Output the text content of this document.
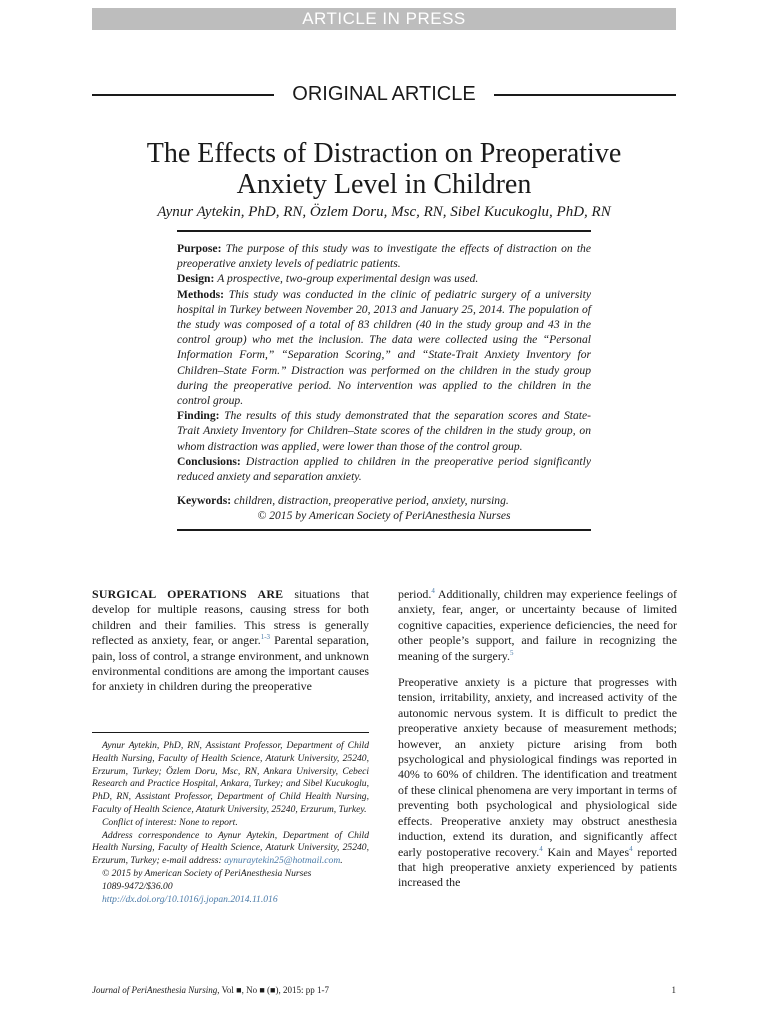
ARTICLE IN PRESS
ORIGINAL ARTICLE
The Effects of Distraction on Preoperative
Anxiety Level in Children
Aynur Aytekin, PhD, RN, Özlem Doru, Msc, RN, Sibel Kucukoglu, PhD, RN

Purpose: The purpose of this study was to investigate the effects of distraction on the preoperative anxiety levels of pediatric patients.

Design: A prospective, two-group experimental design was used.

Methods: This study was conducted in the clinic of pediatric surgery of a university hospital in Turkey between November 20, 2013 and January 25, 2014. The population of the study was composed of a total of 83 children (40 in the study group and 43 in the control group) who met the inclusion. The data were collected using the “Personal Information Form,” “Separation Scoring,” and “State-Trait Anxiety Inventory for Children–State Form.” Distraction was performed on the children in the study group during the preoperative period. No intervention was applied to the children in the control group.

Finding: The results of this study demonstrated that the separation scores and State-Trait Anxiety Inventory for Children–State scores of the children in the study group, on whom distraction was applied, were lower than those of the control group.

Conclusions: Distraction applied to children in the preoperative period significantly reduced anxiety and separation anxiety.

Keywords: children, distraction, preoperative period, anxiety, nursing.

© 2015 by American Society of PeriAnesthesia Nurses

SURGICAL OPERATIONS ARE situations that develop for multiple reasons, causing stress for both children and their families. This stress is generally reflected as anxiety, fear, or anger.$^{1-3}$ Parental separation, pain, loss of control, a strange environment, and unknown environmental conditions are among the important causes for anxiety in children during the preoperative

Aynur Aytekin, PhD, RN, Assistant Professor, Department of Child Health Nursing, Faculty of Health Science, Ataturk University, 25240, Erzurum, Turkey; Özlem Doru, Msc, RN, Ankara University, Cebeci Research and Practice Hospital, Ankara, Turkey; and Sibel Kucukoglu, PhD, RN, Assistant Professor, Department of Child Health Nursing, Faculty of Health Science, Ataturk University, 25240, Erzurum, Turkey.

Conflict of interest: None to report.

Address correspondence to Aynur Aytekin, Department of Child Health Nursing, Faculty of Health Science, Ataturk University, 25240, Erzurum, Turkey; e-mail address: aynuraytekin25@hotmail.com.

© 2015 by American Society of PeriAnesthesia Nurses

1089-9472/$36.00

http://dx.doi.org/10.1016/j.jopan.2014.11.016

period.$^4$ Additionally, children may experience feelings of anxiety, fear, anger, or uncertainty because of limited cognitive capacities, experience deficiencies, the need for other people’s support, and failure in recognizing the meaning of the surgery.$^5$

Preoperative anxiety is a picture that progresses with tension, irritability, anxiety, and increased activity of the autonomic nervous system. It is difficult to predict the preoperative anxiety because of measurement methods; however, an anxiety picture arising from both psychological and physiological findings was reported in 40% to 60% of children. The identification and treatment of these clinical phenomena are very important in terms of preventing both psychological and physiological side effects. Preoperative anxiety may obstruct anesthesia induction, extend its duration, and significantly affect early postoperative recovery.$^4$ Kain and Mayes$^4$ reported that high preoperative anxiety experienced by patients increased the

Journal of PeriAnesthesia Nursing, Vol ■, No ■ (■), 2015: pp 1-7	1
